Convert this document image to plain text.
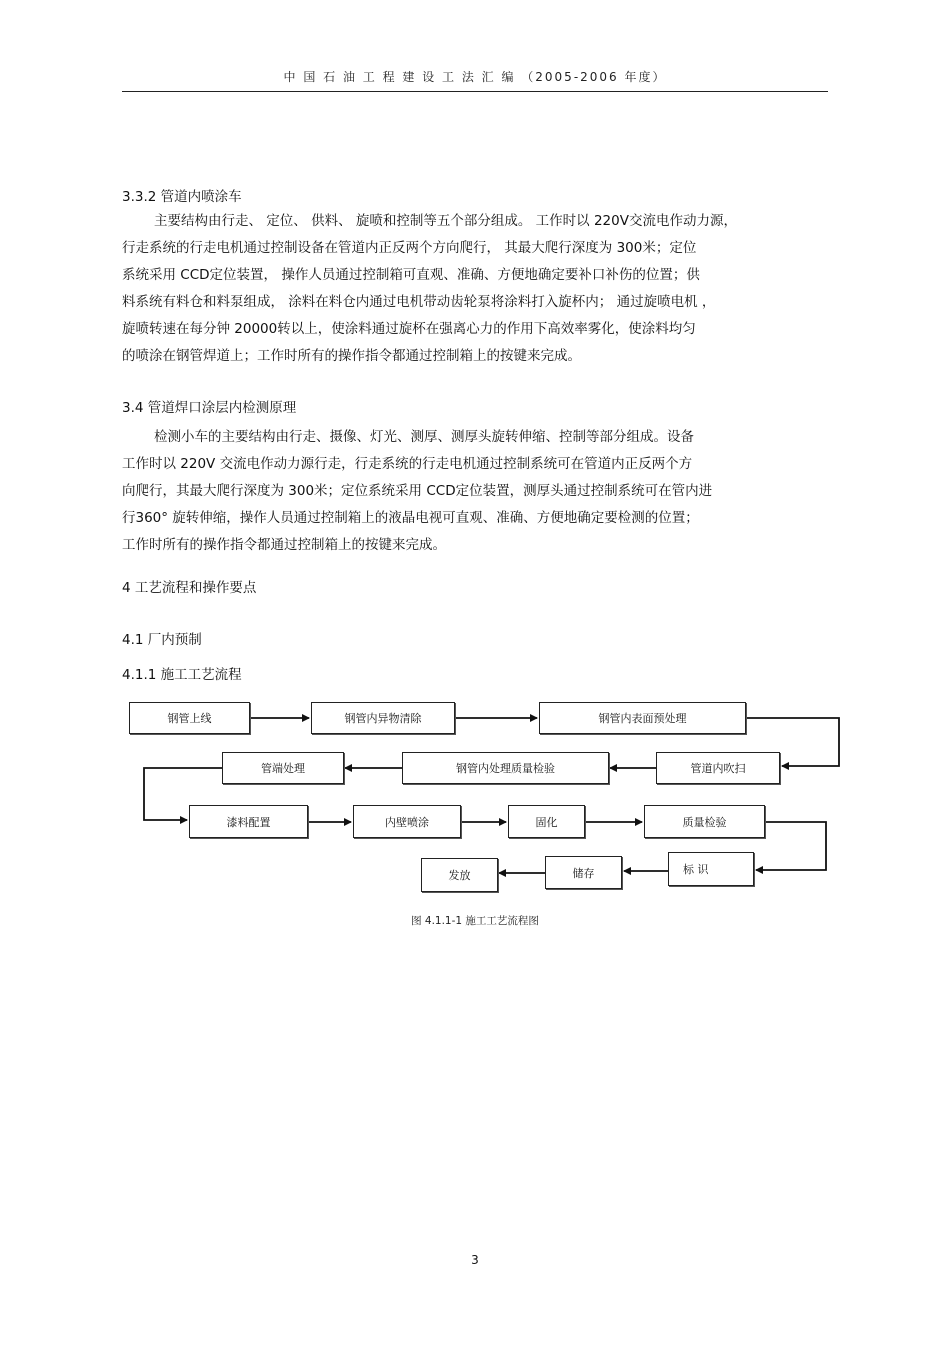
中 国 石 油 工 程 建 设 工 法 汇 编 （2005-2006 年度）
3.3.2 管道内喷涂车
主要结构由行走、 定位、 供料、 旋喷和控制等五个部分组成。 工作时以 220V交流电作动力源，
行走系统的行走电机通过控制设备在管道内正反两个方向爬行， 其最大爬行深度为 300米；定位
系统采用 CCD定位装置， 操作人员通过控制箱可直观、准确、方便地确定要补口补伤的位置；供
料系统有料仓和料泵组成， 涂料在料仓内通过电机带动齿轮泵将涂料打入旋杯内； 通过旋喷电机 ，
旋喷转速在每分钟 20000转以上，使涂料通过旋杯在强离心力的作用下高效率雾化，使涂料均匀
的喷涂在钢管焊道上；工作时所有的操作指令都通过控制箱上的按键来完成。
3.4 管道焊口涂层内检测原理
检测小车的主要结构由行走、摄像、灯光、测厚、测厚头旋转伸缩、控制等部分组成。设备
工作时以 220V 交流电作动力源行走，行走系统的行走电机通过控制系统可在管道内正反两个方
向爬行，其最大爬行深度为 300米；定位系统采用 CCD定位装置，测厚头通过控制系统可在管内进
行360° 旋转伸缩，操作人员通过控制箱上的液晶电视可直观、准确、方便地确定要检测的位置；
工作时所有的操作指令都通过控制箱上的按键来完成。
4 工艺流程和操作要点
4.1 厂内预制
4.1.1 施工工艺流程
钢管上线	钢管内异物清除	钢管内表面预处理
管端处理	钢管内处理质量检验	管道内吹扫
漆料配置	内壁喷涂	固化	质量检验
发放	储存	标 识
图 4.1.1-1 施工工艺流程图
3
